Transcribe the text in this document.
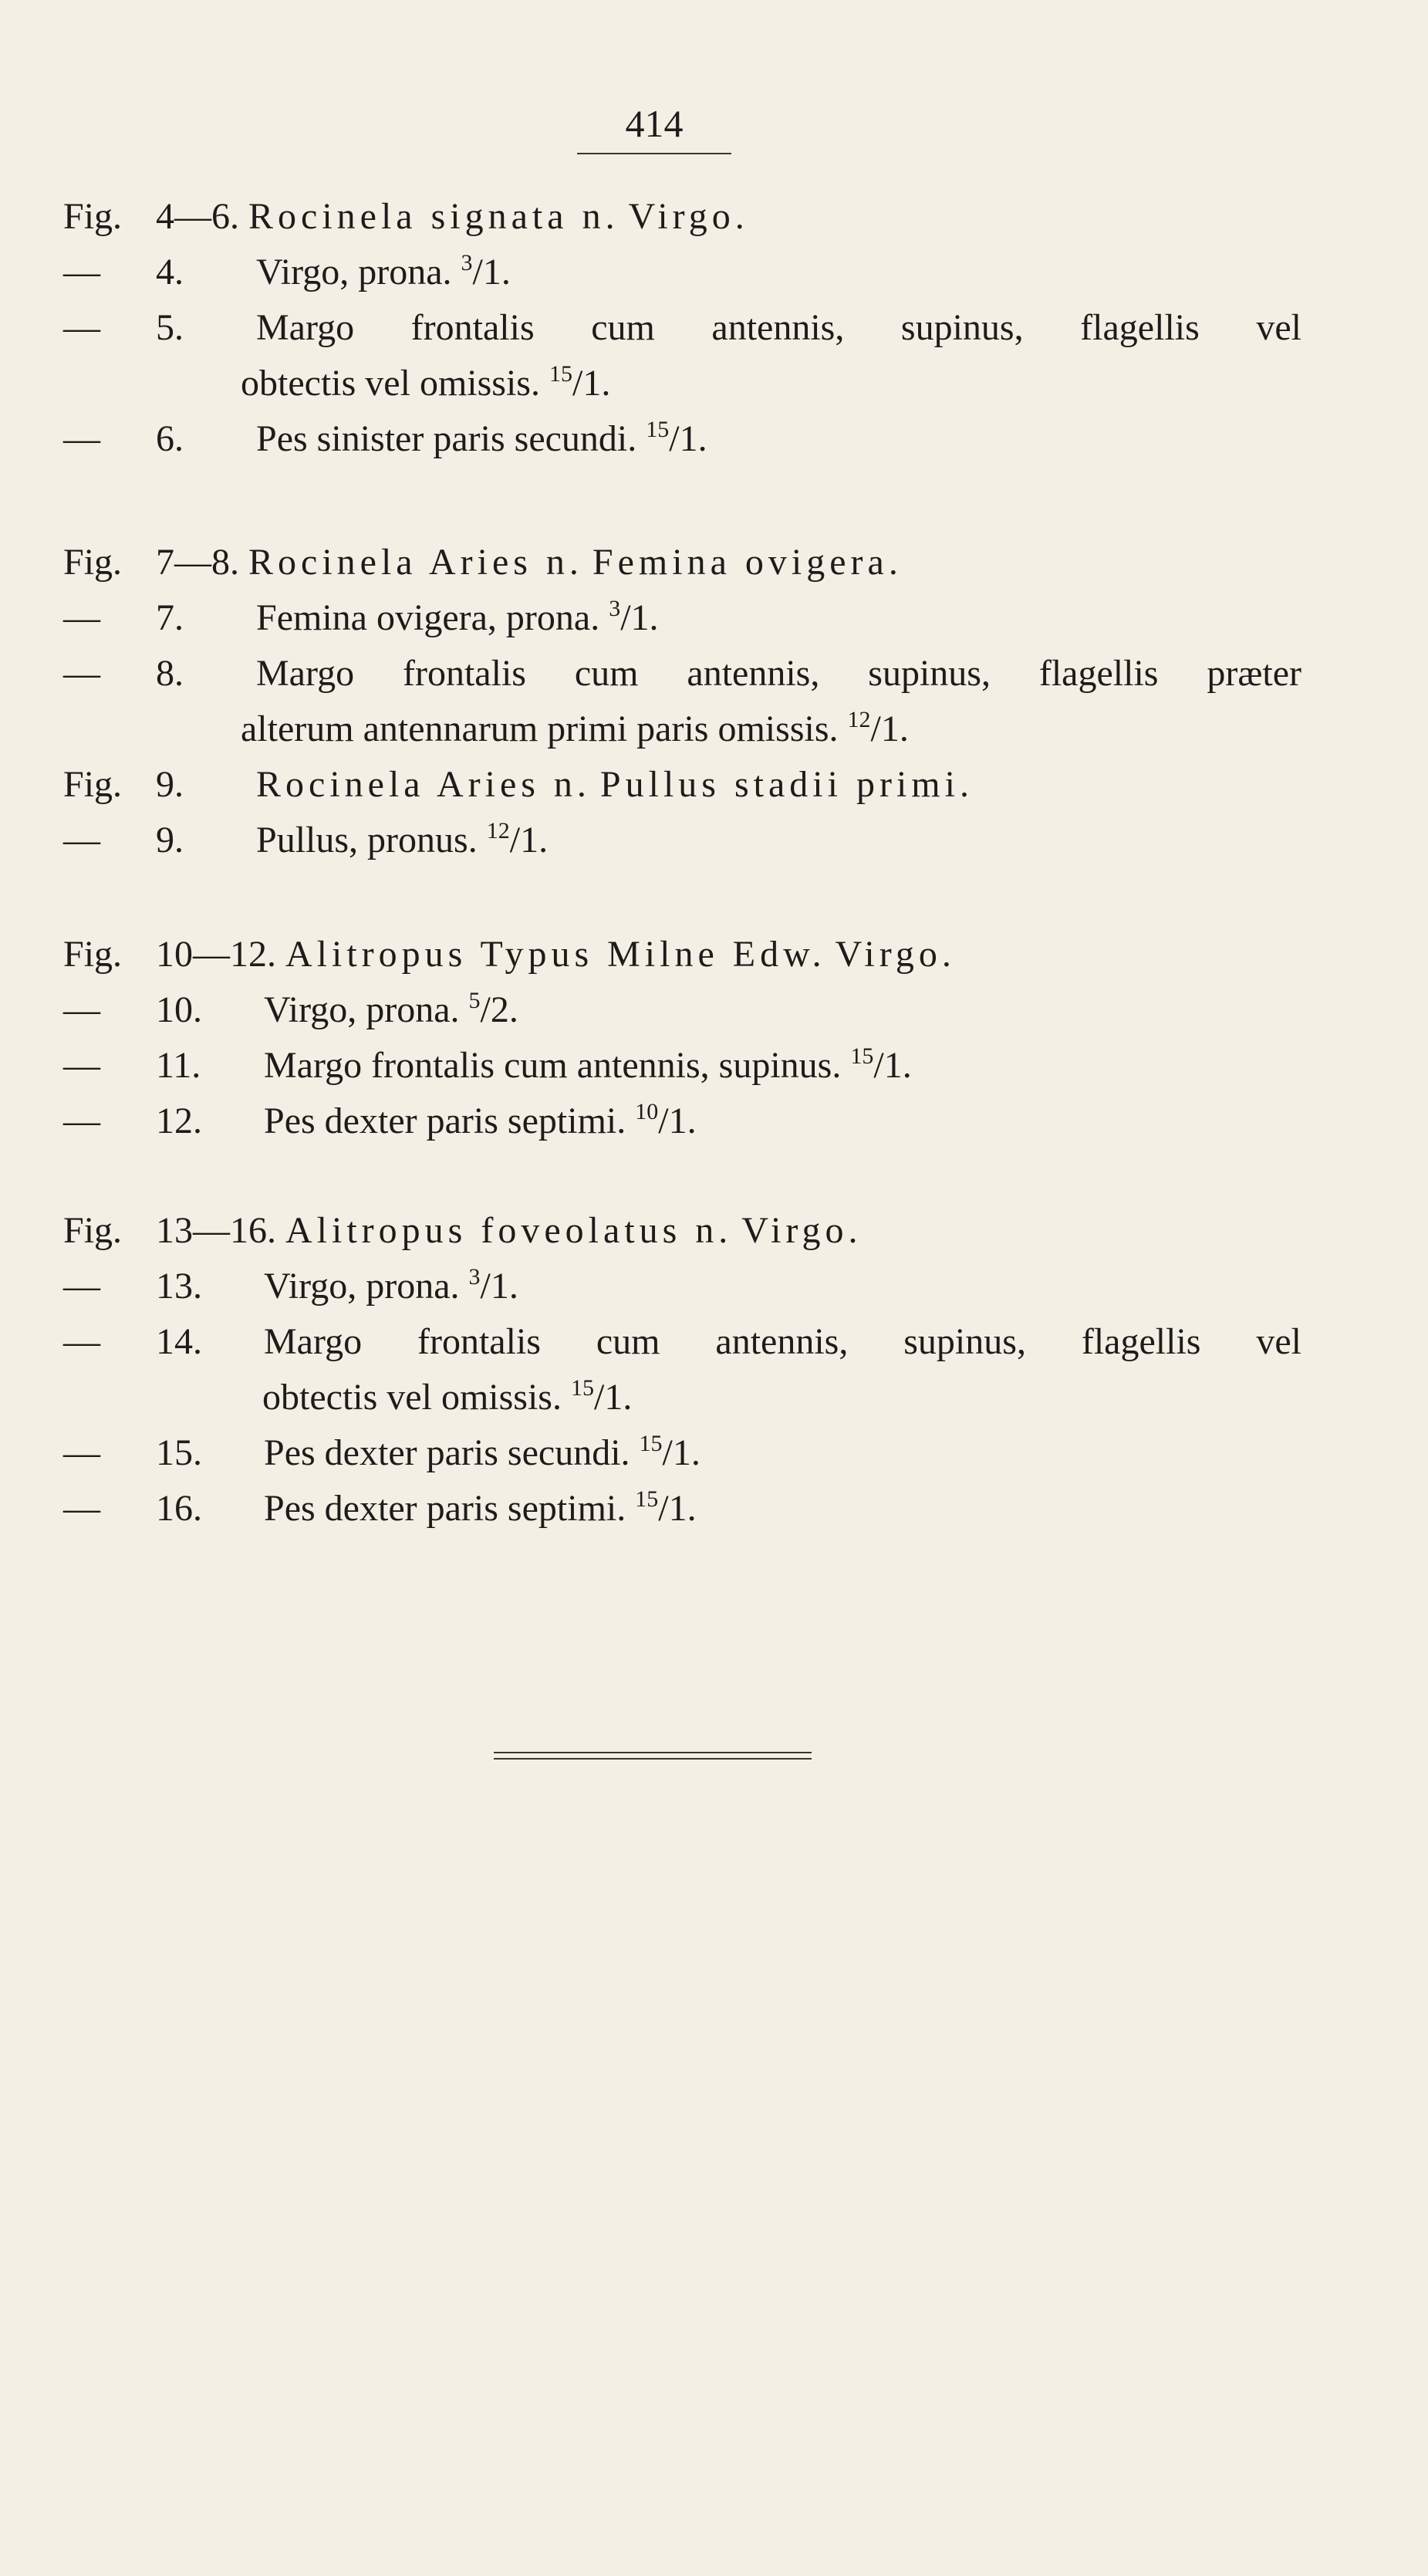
414
Fig. 4—6. Rocinela signata n. Virgo.
— 4. Virgo, prona. $^3$/1.
— 5. Margo frontalis cum antennis, supinus, flagellis vel
obtectis vel omissis. $^{15}$/1.
— 6. Pes sinister paris secundi. $^{15}$/1.
Fig. 7—8. Rocinela Aries n. Femina ovigera.
— 7. Femina ovigera, prona. $^3$/1.
— 8. Margo frontalis cum antennis, supinus, flagellis præter
alterum antennarum primi paris omissis. $^{12}$/1.
Fig. 9. Rocinela Aries n. Pullus stadii primi.
— 9. Pullus, pronus. $^{12}$/1.
Fig. 10—12. Alitropus Typus Milne Edw. Virgo.
— 10. Virgo, prona. $^5$/2.
— 11. Margo frontalis cum antennis, supinus. $^{15}$/1.
— 12. Pes dexter paris septimi. $^{10}$/1.
Fig. 13—16. Alitropus foveolatus n. Virgo.
— 13. Virgo, prona. $^3$/1.
— 14. Margo frontalis cum antennis, supinus, flagellis vel
obtectis vel omissis. $^{15}$/1.
— 15. Pes dexter paris secundi. $^{15}$/1.
— 16. Pes dexter paris septimi. $^{15}$/1.
